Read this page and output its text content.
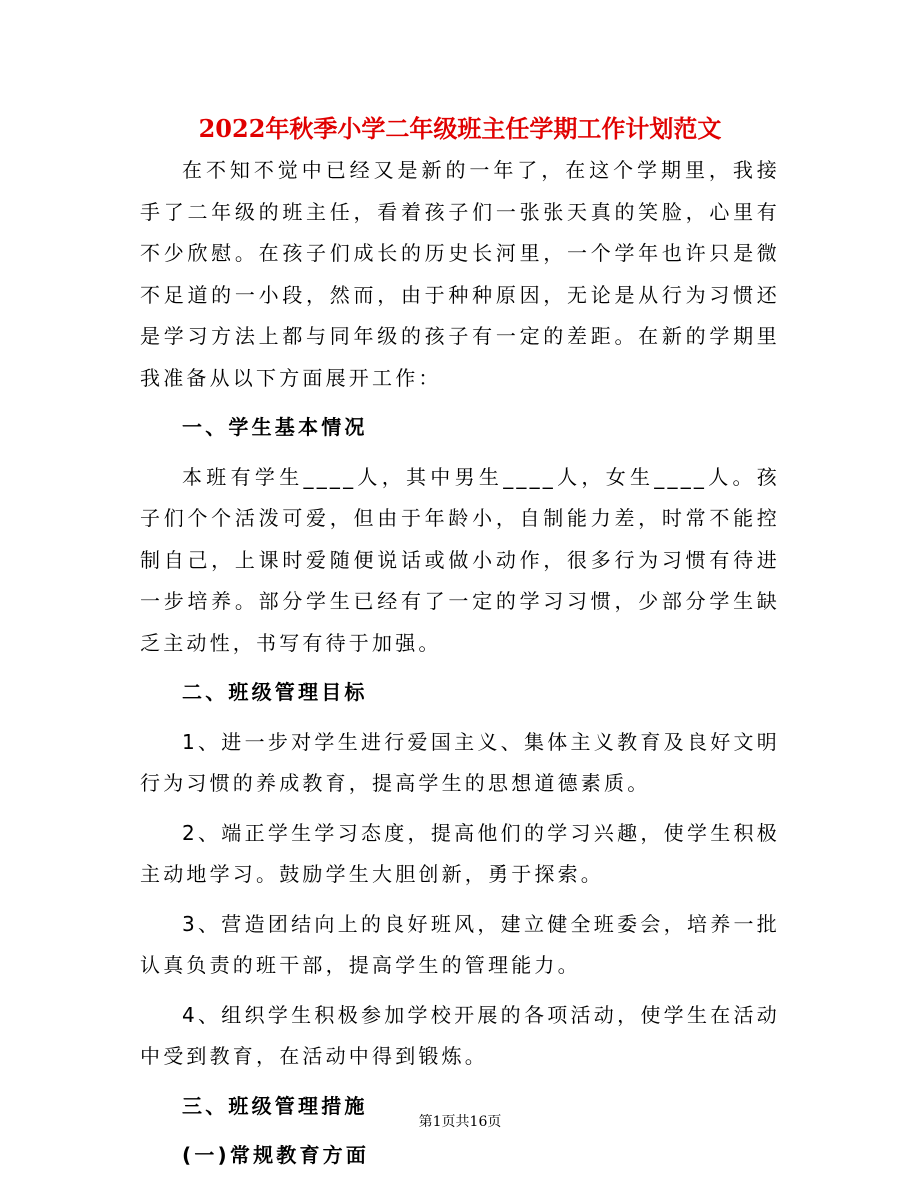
2022年秋季小学二年级班主任学期工作计划范文

在不知不觉中已经又是新的一年了，在这个学期里，我接手了二年级的班主任，看着孩子们一张张天真的笑脸，心里有不少欣慰。在孩子们成长的历史长河里，一个学年也许只是微不足道的一小段，然而，由于种种原因，无论是从行为习惯还是学习方法上都与同年级的孩子有一定的差距。在新的学期里我准备从以下方面展开工作：

一、学生基本情况

本班有学生____人，其中男生____人，女生____人。孩子们个个活泼可爱，但由于年龄小，自制能力差，时常不能控制自己，上课时爱随便说话或做小动作，很多行为习惯有待进一步培养。部分学生已经有了一定的学习习惯，少部分学生缺乏主动性，书写有待于加强。

二、班级管理目标

1、进一步对学生进行爱国主义、集体主义教育及良好文明行为习惯的养成教育，提高学生的思想道德素质。

2、端正学生学习态度，提高他们的学习兴趣，使学生积极主动地学习。鼓励学生大胆创新，勇于探索。

3、营造团结向上的良好班风，建立健全班委会，培养一批认真负责的班干部，提高学生的管理能力。

4、组织学生积极参加学校开展的各项活动，使学生在活动中受到教育，在活动中得到锻炼。

三、班级管理措施

(一)常规教育方面

第1页共16页
